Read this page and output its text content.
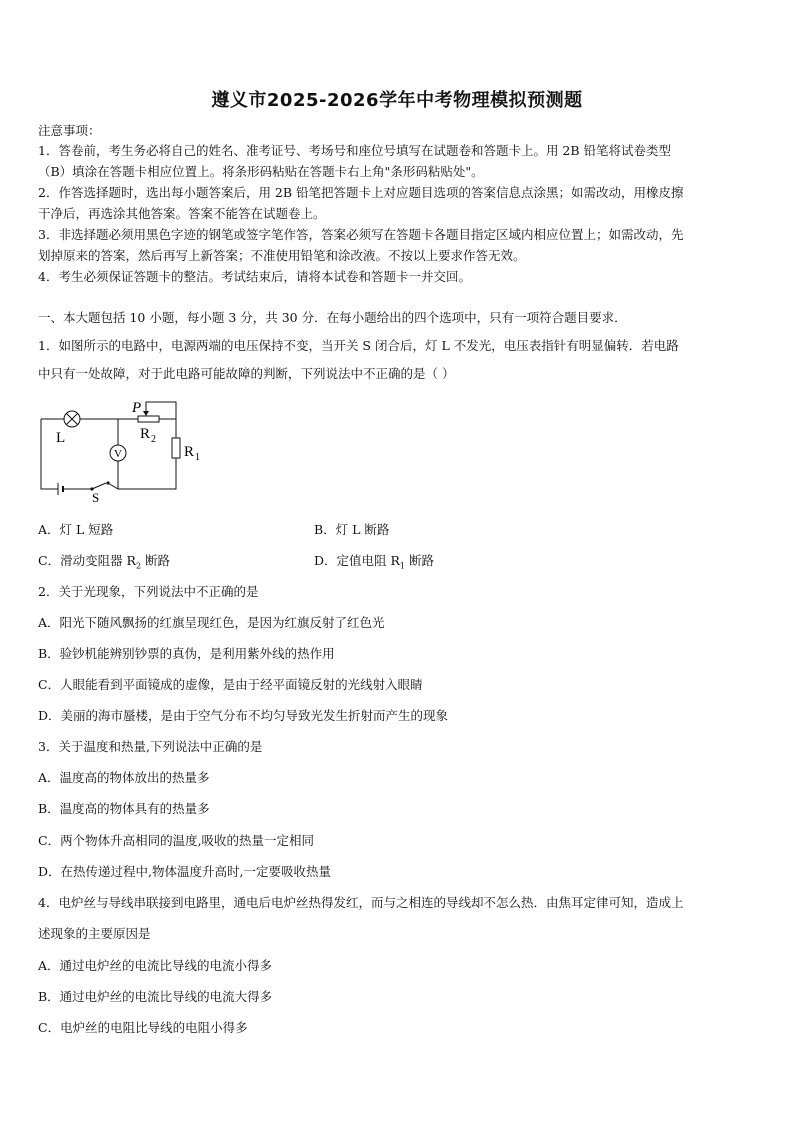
遵义市2025-2026学年中考物理模拟预测题
注意事项：
1．答卷前，考生务必将自己的姓名、准考证号、考场号和座位号填写在试题卷和答题卡上。用 2B 铅笔将试卷类型
（B）填涂在答题卡相应位置上。将条形码粘贴在答题卡右上角"条形码粘贴处"。
2．作答选择题时，选出每小题答案后，用 2B 铅笔把答题卡上对应题目选项的答案信息点涂黑；如需改动，用橡皮擦
干净后，再选涂其他答案。答案不能答在试题卷上。
3．非选择题必须用黑色字迹的钢笔或签字笔作答，答案必须写在答题卡各题目指定区域内相应位置上；如需改动，先
划掉原来的答案，然后再写上新答案；不准使用铅笔和涂改液。不按以上要求作答无效。
4．考生必须保证答题卡的整洁。考试结束后，请将本试卷和答题卡一并交回。
一、本大题包括 10 小题，每小题 3 分，共 30 分．在每小题给出的四个选项中，只有一项符合题目要求．
1．如图所示的电路中，电源两端的电压保持不变，当开关 S 闭合后，灯 L 不发光，电压表指针有明显偏转．若电路
中只有一处故障，对于此电路可能故障的判断，下列说法中不正确的是（ ）
V
L
P
R 2
R 1
S
A．灯 L 短路	B．灯 L 断路
C．滑动变阻器 $R_2$ 断路	D．定值电阻 $R_1$ 断路
2．关于光现象，下列说法中不正确的是
A．阳光下随风飘扬的红旗呈现红色，是因为红旗反射了红色光
B．验钞机能辨别钞票的真伪，是利用紫外线的热作用
C．人眼能看到平面镜成的虚像，是由于经平面镜反射的光线射入眼睛
D．美丽的海市蜃楼，是由于空气分布不均匀导致光发生折射而产生的现象
3．关于温度和热量,下列说法中正确的是
A．温度高的物体放出的热量多
B．温度高的物体具有的热量多
C．两个物体升高相同的温度,吸收的热量一定相同
D．在热传递过程中,物体温度升高时,一定要吸收热量
4．电炉丝与导线串联接到电路里，通电后电炉丝热得发红，而与之相连的导线却不怎么热．由焦耳定律可知，造成上
述现象的主要原因是
A．通过电炉丝的电流比导线的电流小得多
B．通过电炉丝的电流比导线的电流大得多
C．电炉丝的电阻比导线的电阻小得多
